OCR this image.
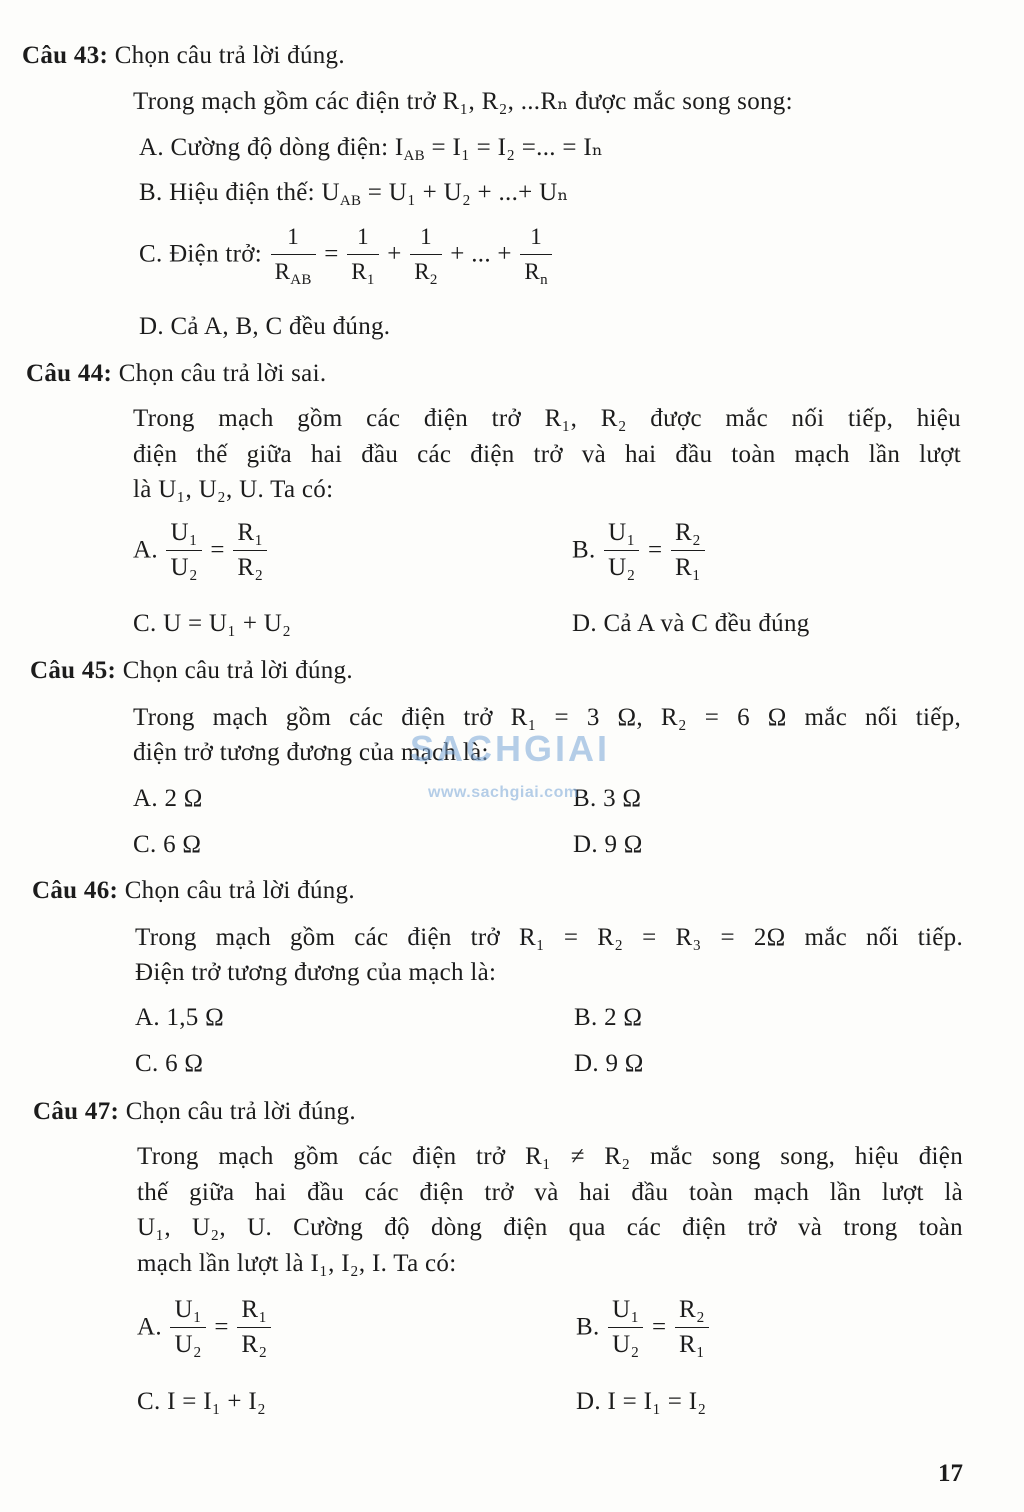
Câu 43: Chọn câu trả lời đúng.
Trong mạch gồm các điện trở R₁, R₂, ...Rₙ được mắc song song:
A. Cường độ dòng điện: $I_{AB} = I_1 = I_2$ =... = Iₙ
B. Hiệu điện thế: $U_{AB} = U_1 + U_2$ + ...+ Uₙ
C. Điện trở: $\frac{1}{R_{AB}} = \frac{1}{R_1} + \frac{1}{R_2}$ + ... + $\frac{1}{R_n}$
D. Cả A, B, C đều đúng.
Câu 44: Chọn câu trả lời sai.
Trong mạch gồm các điện trở R₁, R₂ được mắc nối tiếp, hiệu
điện thế giữa hai đầu các điện trở và hai đầu toàn mạch lần lượt
là U₁, U₂, U. Ta có:
A. $\frac{\text{U₁}}{\text{U₂}} = \frac{\text{R₁}}{\text{R₂}}$	B. $\frac{\text{U₁}}{\text{U₂}} = \frac{\text{R₂}}{\text{R₁}}$
C. U = U₁ + U₂	D. Cả A và C đều đúng
Câu 45: Chọn câu trả lời đúng.
Trong mạch gồm các điện trở R₁ = 3 Ω, R₂ = 6 Ω mắc nối tiếp,
điện trở tương đương của mạch là:
A. 2 Ω	B. 3 Ω
C. 6 Ω	D. 9 Ω
Câu 46: Chọn câu trả lời đúng.
Trong mạch gồm các điện trở R₁ = R₂ = R₃ = 2Ω mắc nối tiếp.
Điện trở tương đương của mạch là:
A. 1,5 Ω	B. 2 Ω
C. 6 Ω	D. 9 Ω
Câu 47: Chọn câu trả lời đúng.
Trong mạch gồm các điện trở R₁ ≠ R₂ mắc song song, hiệu điện
thế giữa hai đầu các điện trở và hai đầu toàn mạch lần lượt là
U₁, U₂, U. Cường độ dòng điện qua các điện trở và trong toàn
mạch lần lượt là I₁, I₂, I. Ta có:
A. $\frac{\text{U₁}}{\text{U₂}} = \frac{\text{R₁}}{\text{R₂}}$	B. $\frac{\text{U₁}}{\text{U₂}} = \frac{\text{R₂}}{\text{R₁}}$
C. I = I₁ + I₂	D. I = I₁ = I₂
SACHGIAI
www.sachgiai.com
17
